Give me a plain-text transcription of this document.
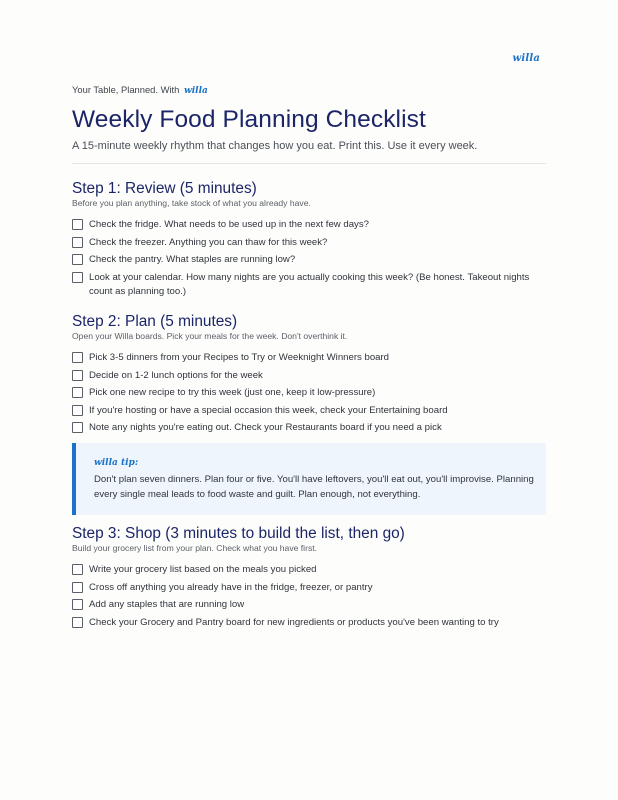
willa
Your Table, Planned. With willa
Weekly Food Planning Checklist
A 15-minute weekly rhythm that changes how you eat. Print this. Use it every week.
Step 1: Review (5 minutes)
Before you plan anything, take stock of what you already have.
Check the fridge. What needs to be used up in the next few days?
Check the freezer. Anything you can thaw for this week?
Check the pantry. What staples are running low?
Look at your calendar. How many nights are you actually cooking this week? (Be honest. Takeout nights count as planning too.)
Step 2: Plan (5 minutes)
Open your Willa boards. Pick your meals for the week. Don't overthink it.
Pick 3-5 dinners from your Recipes to Try or Weeknight Winners board
Decide on 1-2 lunch options for the week
Pick one new recipe to try this week (just one, keep it low-pressure)
If you're hosting or have a special occasion this week, check your Entertaining board
Note any nights you're eating out. Check your Restaurants board if you need a pick
willa tip:
Don't plan seven dinners. Plan four or five. You'll have leftovers, you'll eat out, you'll improvise. Planning every single meal leads to food waste and guilt. Plan enough, not everything.
Step 3: Shop (3 minutes to build the list, then go)
Build your grocery list from your plan. Check what you have first.
Write your grocery list based on the meals you picked
Cross off anything you already have in the fridge, freezer, or pantry
Add any staples that are running low
Check your Grocery and Pantry board for new ingredients or products you've been wanting to try
